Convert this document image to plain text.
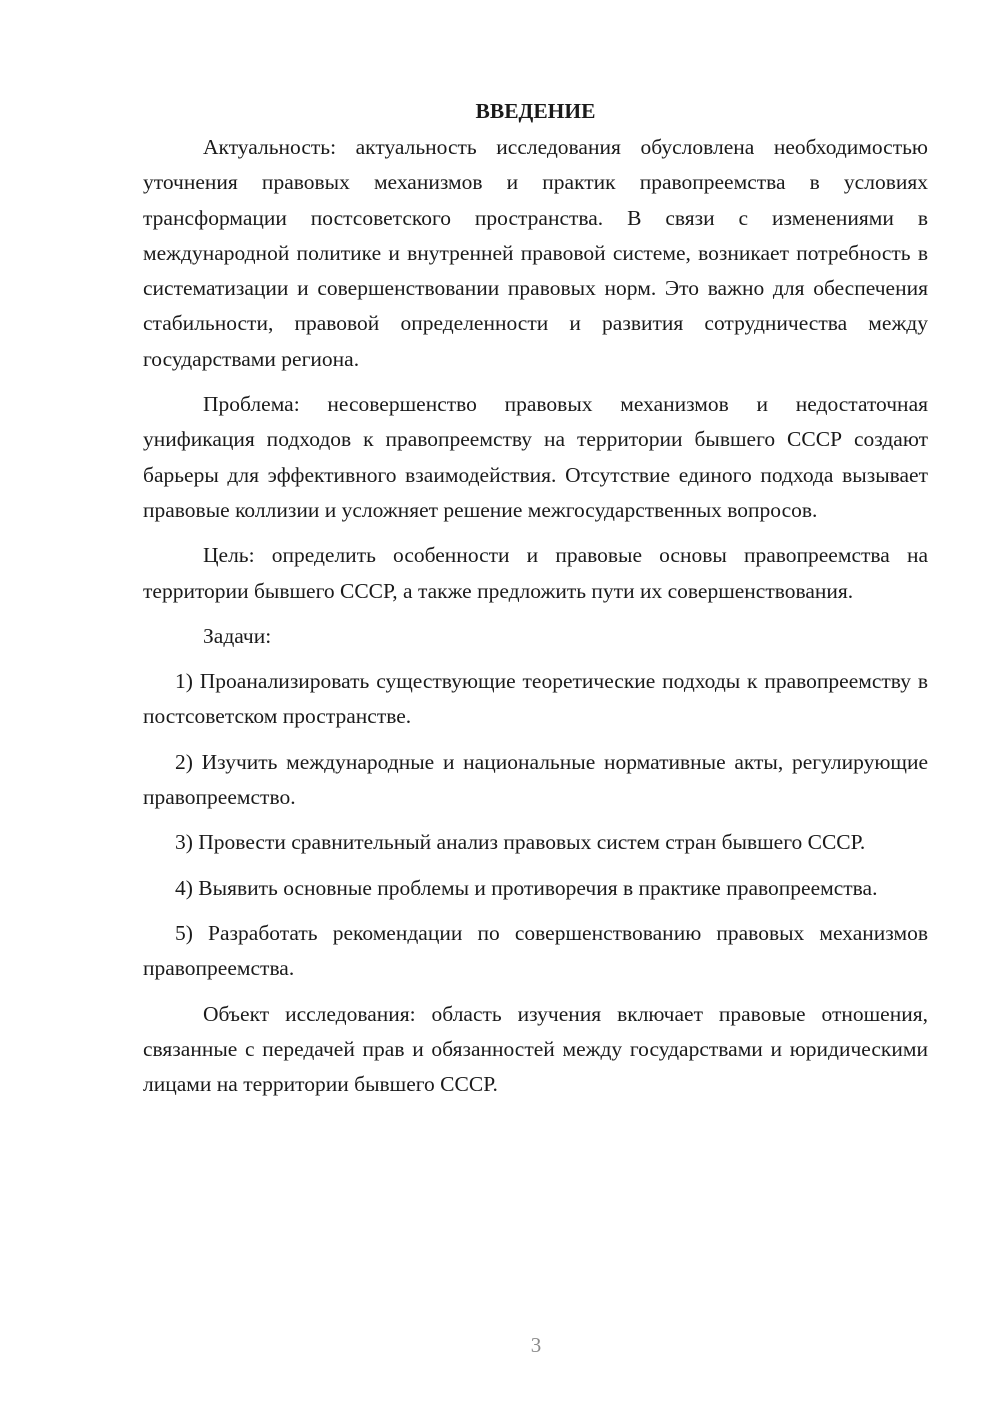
ВВЕДЕНИЕ

Актуальность: актуальность исследования обусловлена необходимостью уточнения правовых механизмов и практик правопреемства в условиях трансформации постсоветского пространства. В связи с изменениями в международной политике и внутренней правовой системе, возникает потребность в систематизации и совершенствовании правовых норм. Это важно для обеспечения стабильности, правовой определенности и развития сотрудничества между государствами региона.

Проблема: несовершенство правовых механизмов и недостаточная унификация подходов к правопреемству на территории бывшего СССР создают барьеры для эффективного взаимодействия. Отсутствие единого подхода вызывает правовые коллизии и усложняет решение межгосударственных вопросов.

Цель: определить особенности и правовые основы правопреемства на территории бывшего СССР, а также предложить пути их совершенствования.

Задачи:

1) Проанализировать существующие теоретические подходы к правопреемству в постсоветском пространстве.

2) Изучить международные и национальные нормативные акты, регулирующие правопреемство.

3) Провести сравнительный анализ правовых систем стран бывшего СССР.

4) Выявить основные проблемы и противоречия в практике правопреемства.

5) Разработать рекомендации по совершенствованию правовых механизмов правопреемства.

Объект исследования: область изучения включает правовые отношения, связанные с передачей прав и обязанностей между государствами и юридическими лицами на территории бывшего СССР.

3
